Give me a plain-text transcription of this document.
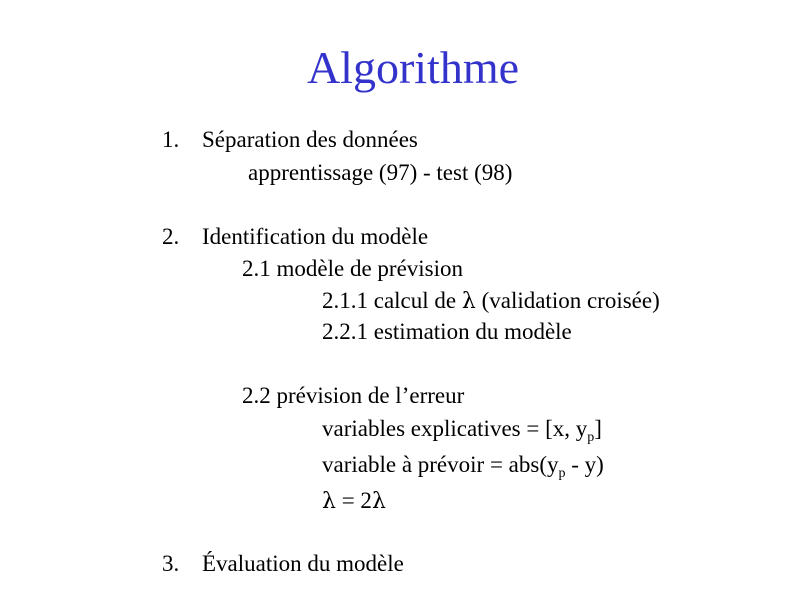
Algorithme
1. Séparation des données
apprentissage (97) - test (98)
2. Identification du modèle
2.1 modèle de prévision
2.1.1 calcul de λ (validation croisée)
2.2.1 estimation du modèle
2.2 prévision de l’erreur
variables explicatives = [x, $y_p$]
variable à prévoir = $abs(y_p - y)$
λ = 2λ
3. Évaluation du modèle
